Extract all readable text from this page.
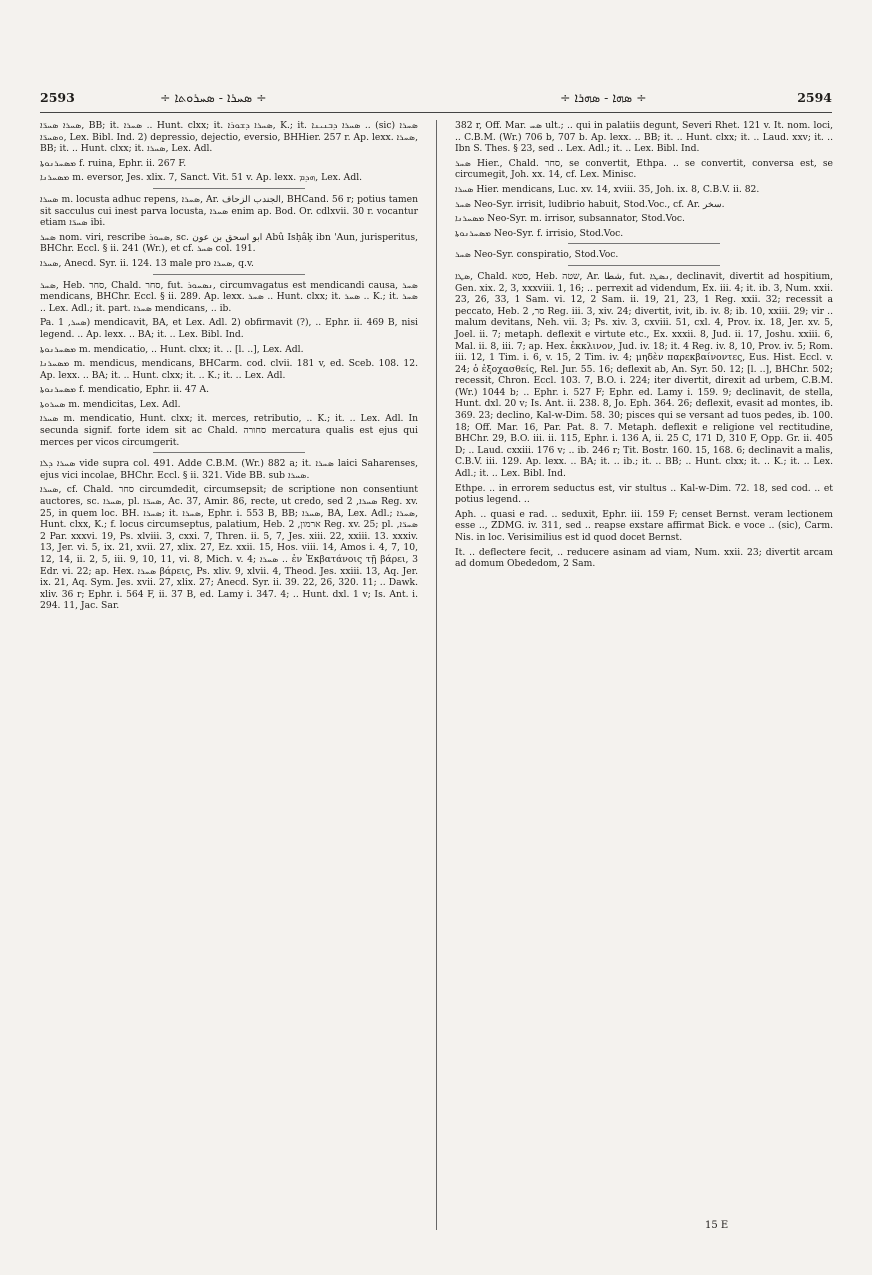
2593	÷ ܣܚܪܐ - ܣܚܪܘܬܐ ÷	÷ ܣܗܐ - ܣܗܪܐ ÷	2594

ܣܚܪܐ ܣܚܪ̈ܐ, BB; it. ܣܚܪܐ .. Hunt. clxx; it. ܣܚܪܐ ܕܫܘܪܐ, K.; it. ܣܚܪܐ ܕܒܢܝܢܐ .. (sic) ܣܚܪܐ ܘܣܚܪ̈ܐ, Lex. Bibl. Ind. 2) depressio, dejectio, eversio, BHHier. 257 r. Ap. lexx. ܣܚܪܐ, BB; it. .. Hunt. clxx; it. ܣܚܪܐ, Lex. Adl.

ܡܣܚܪܢܘܬܐ f. ruina, Ephr. ii. 267 F.

ܡܣܚܪܢܐ m. eversor, Jes. xlix. 7, Sanct. Vit. 51 v. Ap. lexx. ܗܕܡ, Lex. Adl.

ܣܚܪܐ m. locusta adhuc repens, ܣܚܪܐ, Ar. الجندب الزحاف, BHCand. 56 r; potius tamen sit sacculus cui inest parva locusta, ܣܚܪܐ enim ap. Bod. Or. cdlxvii. 30 r. vocantur etiam ܣܚܪ̈ܐ ibi.

ܣܚܪ nom. viri, rescribe ܣܚܘܪ, sc. ابو اسحق بن عون Abû Isḥâḳ ibn 'Aun, jurisperitus, BHChr. Eccl. § ii. 241 (Wr.), et cf. ܣܚܪ col. 191.

ܣܚܪܐ, Anecd. Syr. ii. 124. 13 male pro ܣܚܪܐ, q.v.

ܣܚܪ, Heb. סחר, Chald. סחר, fut. ܢܣܚܘܪ, circumvagatus est mendicandi causa, ܣܚܪ mendicans, BHChr. Eccl. § ii. 289. Ap. lexx. ܣܚܪ .. Hunt. clxx; it. ܣܚܪ .. K.; it. ܣܚܪ .. Lex. Adl.; it. part. ܣܚܪܐ mendicans, .. ib.

Pa. ܣܚܪ, 1) mendicavit, BA, et Lex. Adl. 2) obfirmavit (?), .. Ephr. ii. 469 B, nisi legend. .. Ap. lexx. .. BA; it. .. Lex. Bibl. Ind.

ܡܣܚܪܢܘܬܐ m. mendicatio, .. Hunt. clxx; it. .. [l. ..], Lex. Adl.

ܡܣܚܪܢܐ m. mendicus, mendicans, BHCarm. cod. clvii. 181 v, ed. Sceb. 108. 12. Ap. lexx. .. BA; it. .. Hunt. clxx; it. .. K.; it. .. Lex. Adl.

ܡܣܚܪܢܘܬܐ f. mendicatio, Ephr. ii. 47 A.

ܣܚܪܘܬܐ m. mendicitas, Lex. Adl.

ܣܚܪܐ m. mendicatio, Hunt. clxx; it. merces, retributio, .. K.; it. .. Lex. Adl. In secunda signif. forte idem sit ac Chald. סחורה mercatura qualis est ejus qui merces per vicos circumgerit.

ܣܚܪܐ ܕܠܐ vide supra col. 491. Adde C.B.M. (Wr.) 882 a; it. ܣܚܪܐ laici Saharenses, ejus vici incolae, BHChr. Eccl. § ii. 321. Vide BB. sub ܣܚܪܐ.

ܣܚܪܐ, cf. Chald. סחר circumdedit, circumsepsit; de scriptione non consentiunt auctores, sc. ܣܚܪܐ, pl. ܣܚܪ̈ܐ, Ac. 37, Amir. 86, recte, ut credo, sed ܣܚܪܐ, 2 Reg. xv. 25, in quem loc. BH. ܣܚܪܐ; it. ܣܚܪܐ, Ephr. i. 553 B, BB; ܣܚܪܐ, BA, Lex. Adl.; ܣܚܪܐ, Hunt. clxx, K.; f. locus circumseptus, palatium, Heb. ארמון, 2 Reg. xv. 25; pl. ܣܚܪ̈ܐ, 2 Par. xxxvi. 19, Ps. xlviii. 3, cxxi. 7, Thren. ii. 5, 7, Jes. xiii. 22, xxiii. 13. xxxiv. 13, Jer. vi. 5, ix. 21, xvii. 27, xlix. 27, Ez. xxii. 15, Hos. viii. 14, Amos i. 4, 7, 10, 12, 14, ii. 2, 5, iii. 9, 10, 11, vi. 8, Mich. v. 4; ܣܚܪܐ .. ἐν Ἐκβατάνοις τῇ βάρει, 3 Edr. vi. 22; ap. Hex. ܣܚܪܐ βάρεις, Ps. xliv. 9, xlvii. 4, Theod. Jes. xxiii. 13, Aq. Jer. ix. 21, Aq. Sym. Jes. xvii. 27, xlix. 27; Anecd. Syr. ii. 39. 22, 26, 320. 11; .. Dawk. xliv. 36 r; Ephr. i. 564 F, ii. 37 B, ed. Lamy i. 347. 4; .. Hunt. dxl. 1 v; Is. Ant. i. 294. 11, Jac. Sar.

382 r, Off. Mar. ܣܚ ult.; .. qui in palatiis degunt, Severi Rhet. 121 v. It. nom. loci, .. C.B.M. (Wr.) 706 b, 707 b. Ap. lexx. .. BB; it. .. Hunt. clxx; it. .. Laud. xxv; it. .. Ibn S. Thes. § 23, sed .. Lex. Adl.; it. .. Lex. Bibl. Ind.

ܣܚܪ Hier., Chald. סחר, se convertit, Ethpa. .. se convertit, conversa est, se circumegit, Joh. xx. 14, cf. Lex. Minisc.

ܣܚܪܐ Hier. mendicans, Luc. xv. 14, xviii. 35, Joh. ix. 8, C.B.V. ii. 82.

ܣܚܪ Neo-Syr. irrisit, ludibrio habuit, Stod.Voc., cf. Ar. سخر.

ܡܣܚܪܢܐ Neo-Syr. m. irrisor, subsannator, Stod.Voc.

ܡܣܚܪܢܘܬܐ Neo-Syr. f. irrisio, Stod.Voc.

ܣܚܪ Neo-Syr. conspiratio, Stod.Voc.

ܣܛܐ, Chald. סטא, Heb. שטה, Ar. شطا, fut. ܢܣܛܐ, declinavit, divertit ad hospitium, Gen. xix. 2, 3, xxxviii. 1, 16; .. perrexit ad videndum, Ex. iii. 4; it. ib. 3, Num. xxii. 23, 26, 33, 1 Sam. vi. 12, 2 Sam. ii. 19, 21, 23, 1 Reg. xxii. 32; recessit a peccato, Heb. סר, 2 Reg. iii. 3, xiv. 24; divertit, ivit, ib. iv. 8; ib. 10, xxiii. 29; vir .. malum devitans, Neh. vii. 3; Ps. xiv. 3, cxviii. 51, cxl. 4, Prov. ix. 18, Jer. xv. 5, Joel. ii. 7; metaph. deflexit e virtute etc., Ex. xxxii. 8, Jud. ii. 17, Joshu. xxiii. 6, Mal. ii. 8, iii. 7; ap. Hex. ἐκκλινον, Jud. iv. 18; it. 4 Reg. iv. 8, 10, Prov. iv. 5; Rom. iii. 12, 1 Tim. i. 6, v. 15, 2 Tim. iv. 4; μηδὲν παρεκβαίνοντες, Eus. Hist. Eccl. v. 24; ὁ ἐξοχασθείς, Rel. Jur. 55. 16; deflexit ab, An. Syr. 50. 12; [l. ..], BHChr. 502; recessit, Chron. Eccl. 103. 7, B.O. i. 224; iter divertit, direxit ad urbem, C.B.M. (Wr.) 1044 b; .. Ephr. i. 527 F; Ephr. ed. Lamy i. 159. 9; declinavit, de stella, Hunt. dxl. 20 v; Is. Ant. ii. 238. 8, Jo. Eph. 364. 26; deflexit, evasit ad montes, ib. 369. 23; declino, Kal-w-Dim. 58. 30; pisces qui se versant ad tuos pedes, ib. 100. 18; Off. Mar. 16, Par. Pat. 8. 7. Metaph. deflexit e religione vel rectitudine, BHChr. 29, B.O. iii. ii. 115, Ephr. i. 136 A, ii. 25 C, 171 D, 310 F, Opp. Gr. ii. 405 D; .. Laud. cxxiii. 176 v; .. ib. 246 r; Tit. Bostr. 160. 15, 168. 6; declinavit a malis, C.B.V. iii. 129. Ap. lexx. .. BA; it. .. ib.; it. .. BB; .. Hunt. clxx; it. .. K.; it. .. Lex. Adl.; it. .. Lex. Bibl. Ind.

Ethpe. .. in errorem seductus est, vir stultus .. Kal-w-Dim. 72. 18, sed cod. .. et potius legend. ..

Aph. .. quasi e rad. .. seduxit, Ephr. iii. 159 F; censet Bernst. veram lectionem esse .., ZDMG. iv. 311, sed .. reapse exstare affirmat Bick. e voce .. (sic), Carm. Nis. in loc. Verisimilius est id quod docet Bernst.

It. .. deflectere fecit, .. reducere asinam ad viam, Num. xxii. 23; divertit arcam ad domum Obededom, 2 Sam.

15 E
